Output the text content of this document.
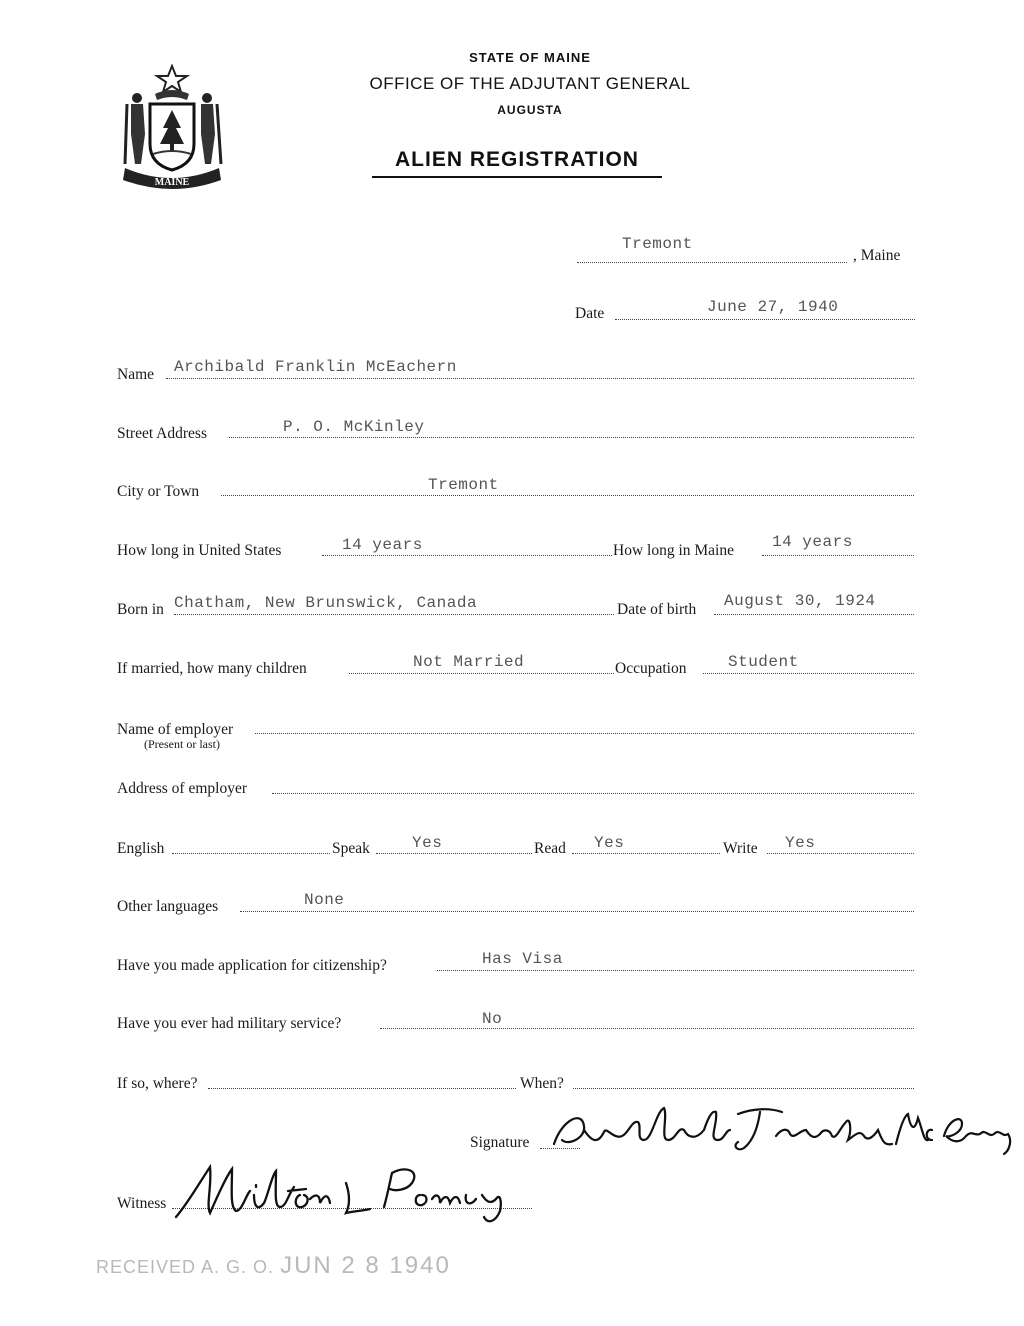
MAINE
STATE OF MAINE
OFFICE OF THE ADJUTANT GENERAL
AUGUSTA
ALIEN REGISTRATION
Tremont
, Maine
Date	June 27, 1940
Name Archibald Franklin McEachern
Street Address	P. O. McKinley
City or Town	Tremont
How long in United States	14 years	How long in Maine 14 years
Born in Chatham, New Brunswick, Canada	Date of birth August 30, 1924
If married, how many children	Not Married	Occupation	Student
Name of employer
(Present or last)
Address of employer
English	Speak	Yes	Read Yes	Write Yes
Other languages	None
Have you made application for citizenship?	Has Visa
Have you ever had military service?	No
If so, where?	When?
Signature
Witness
RECEIVED A. G. O. JUN 2 8 1940
